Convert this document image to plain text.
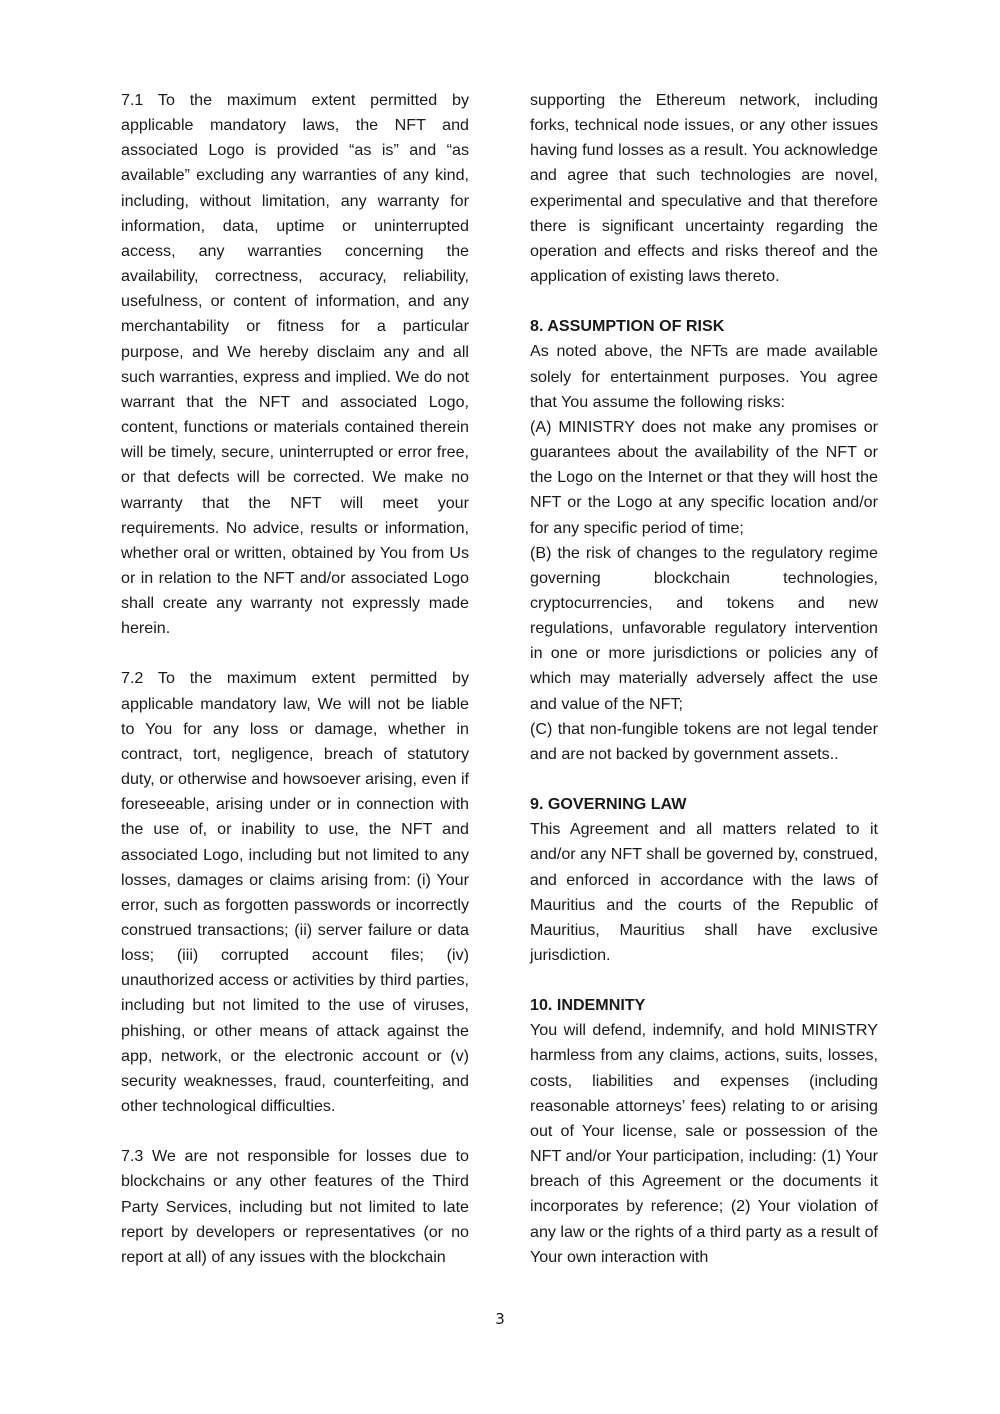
7.1 To the maximum extent permitted by applicable mandatory laws, the NFT and associated Logo is provided “as is” and “as available” excluding any warranties of any kind, including, without limitation, any warranty for information, data, uptime or uninterrupted access, any warranties concerning the availability, correctness, accuracy, reliability, usefulness, or content of information, and any merchantability or fitness for a particular purpose, and We hereby disclaim any and all such warranties, express and implied. We do not warrant that the NFT and associated Logo, content, functions or materials contained therein will be timely, secure, uninterrupted or error free, or that defects will be corrected. We make no warranty that the NFT will meet your requirements. No advice, results or information, whether oral or written, obtained by You from Us or in relation to the NFT and/or associated Logo shall create any warranty not expressly made herein.

7.2 To the maximum extent permitted by applicable mandatory law, We will not be liable to You for any loss or damage, whether in contract, tort, negligence, breach of statutory duty, or otherwise and howsoever arising, even if foreseeable, arising under or in connection with the use of, or inability to use, the NFT and associated Logo, including but not limited to any losses, damages or claims arising from: (i) Your error, such as forgotten passwords or incorrectly construed transactions; (ii) server failure or data loss; (iii) corrupted account files; (iv) unauthorized access or activities by third parties, including but not limited to the use of viruses, phishing, or other means of attack against the app, network, or the electronic account or (v) security weaknesses, fraud, counterfeiting, and other technological difficulties.

7.3 We are not responsible for losses due to blockchains or any other features of the Third Party Services, including but not limited to late report by developers or representatives (or no report at all) of any issues with the blockchain

supporting the Ethereum network, including forks, technical node issues, or any other issues having fund losses as a result. You acknowledge and agree that such technologies are novel, experimental and speculative and that therefore there is significant uncertainty regarding the operation and effects and risks thereof and the application of existing laws thereto.

8. ASSUMPTION OF RISK

As noted above, the NFTs are made available solely for entertainment purposes. You agree that You assume the following risks:

(A) MINISTRY does not make any promises or guarantees about the availability of the NFT or the Logo on the Internet or that they will host the NFT or the Logo at any specific location and/or for any specific period of time;

(B) the risk of changes to the regulatory regime governing blockchain technologies, cryptocurrencies, and tokens and new regulations, unfavorable regulatory intervention in one or more jurisdictions or policies any of which may materially adversely affect the use and value of the NFT;

(C) that non-fungible tokens are not legal tender and are not backed by government assets..

9. GOVERNING LAW

This Agreement and all matters related to it and/or any NFT shall be governed by, construed, and enforced in accordance with the laws of Mauritius and the courts of the Republic of Mauritius, Mauritius shall have exclusive jurisdiction.

10. INDEMNITY

You will defend, indemnify, and hold MINISTRY harmless from any claims, actions, suits, losses, costs, liabilities and expenses (including reasonable attorneys’ fees) relating to or arising out of Your license, sale or possession of the NFT and/or Your participation, including: (1) Your breach of this Agreement or the documents it incorporates by reference; (2) Your violation of any law or the rights of a third party as a result of Your own interaction with

3
